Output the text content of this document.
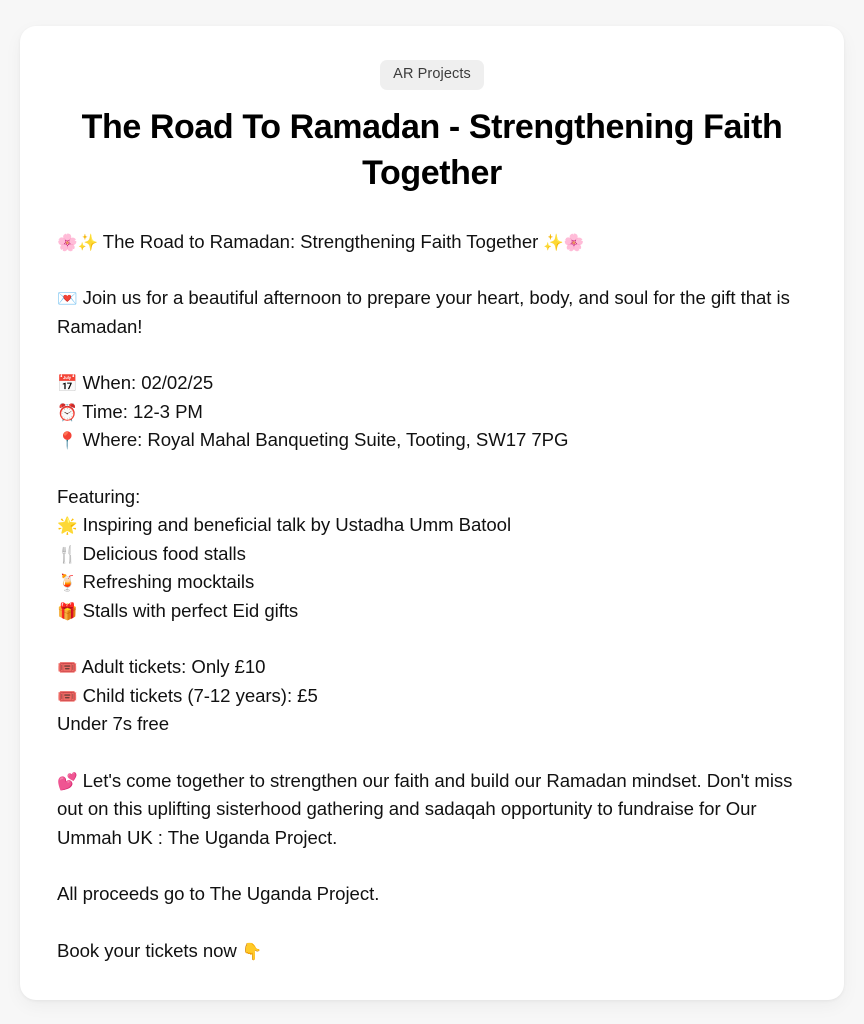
AR Projects
The Road To Ramadan - Strengthening Faith Together

🌸✨ The Road to Ramadan: Strengthening Faith Together ✨🌸

💌 Join us for a beautiful afternoon to prepare your heart, body, and soul for the gift that is Ramadan!

📅 When: 02/02/25
⏰ Time: 12-3 PM
📍 Where: Royal Mahal Banqueting Suite, Tooting, SW17 7PG

Featuring:
🌟 Inspiring and beneficial talk by Ustadha Umm Batool
🍴 Delicious food stalls
🍹 Refreshing mocktails
🎁 Stalls with perfect Eid gifts

🎟️ Adult tickets: Only £10
🎟️ Child tickets (7-12 years): £5
Under 7s free

💕 Let's come together to strengthen our faith and build our Ramadan mindset. Don't miss out on this uplifting sisterhood gathering and sadaqah opportunity to fundraise for Our Ummah UK : The Uganda Project.

All proceeds go to The Uganda Project.

Book your tickets now 👇
